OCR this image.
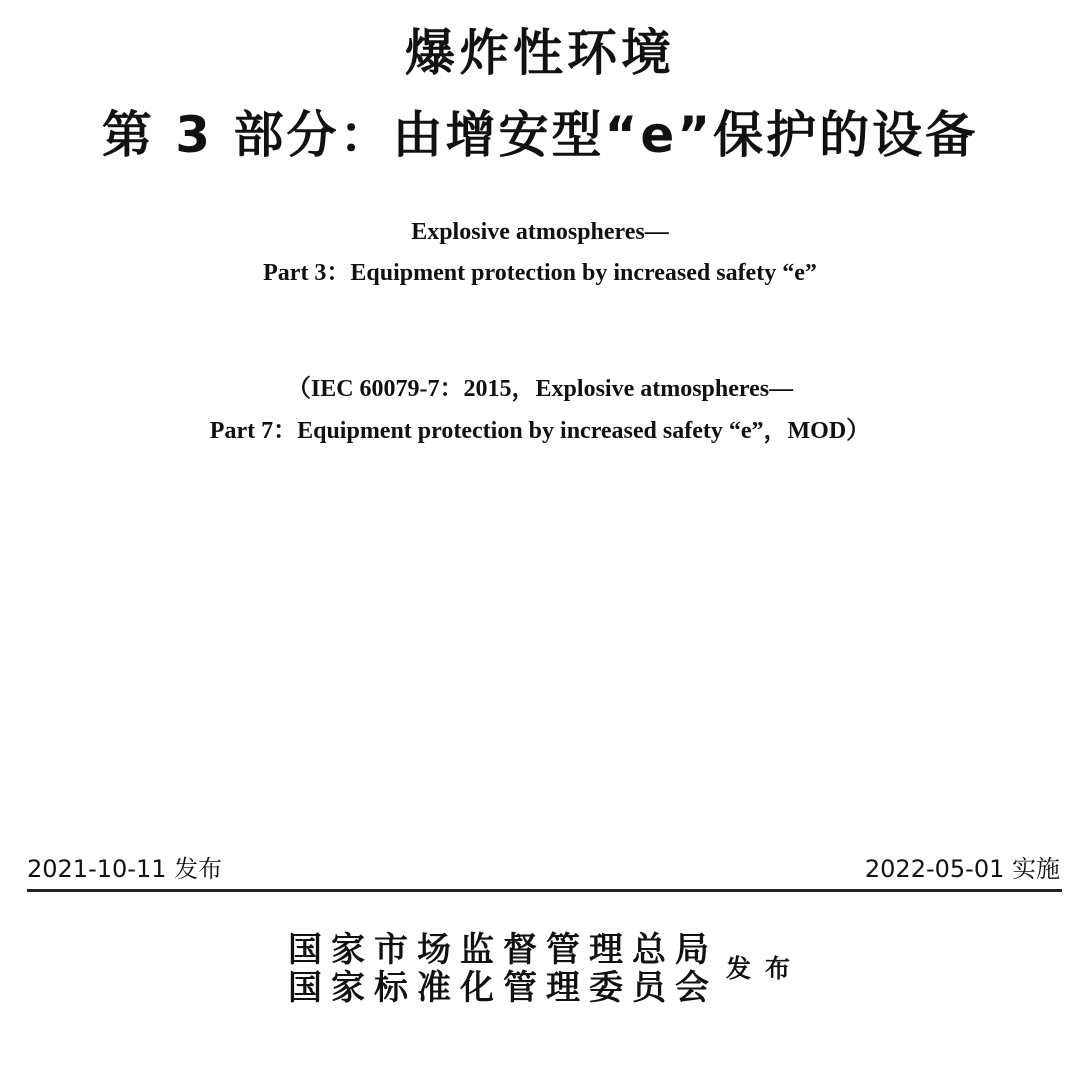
爆炸性环境
第 3 部分：由增安型“e”保护的设备
Explosive atmospheres—
Part 3：Equipment protection by increased safety “e”
（IEC 60079-7：2015，Explosive atmospheres—
Part 7：Equipment protection by increased safety “e”，MOD）
2021-10-11 发布	2022-05-01 实施
国家市场监督管理总局
国家标准化管理委员会 发布
